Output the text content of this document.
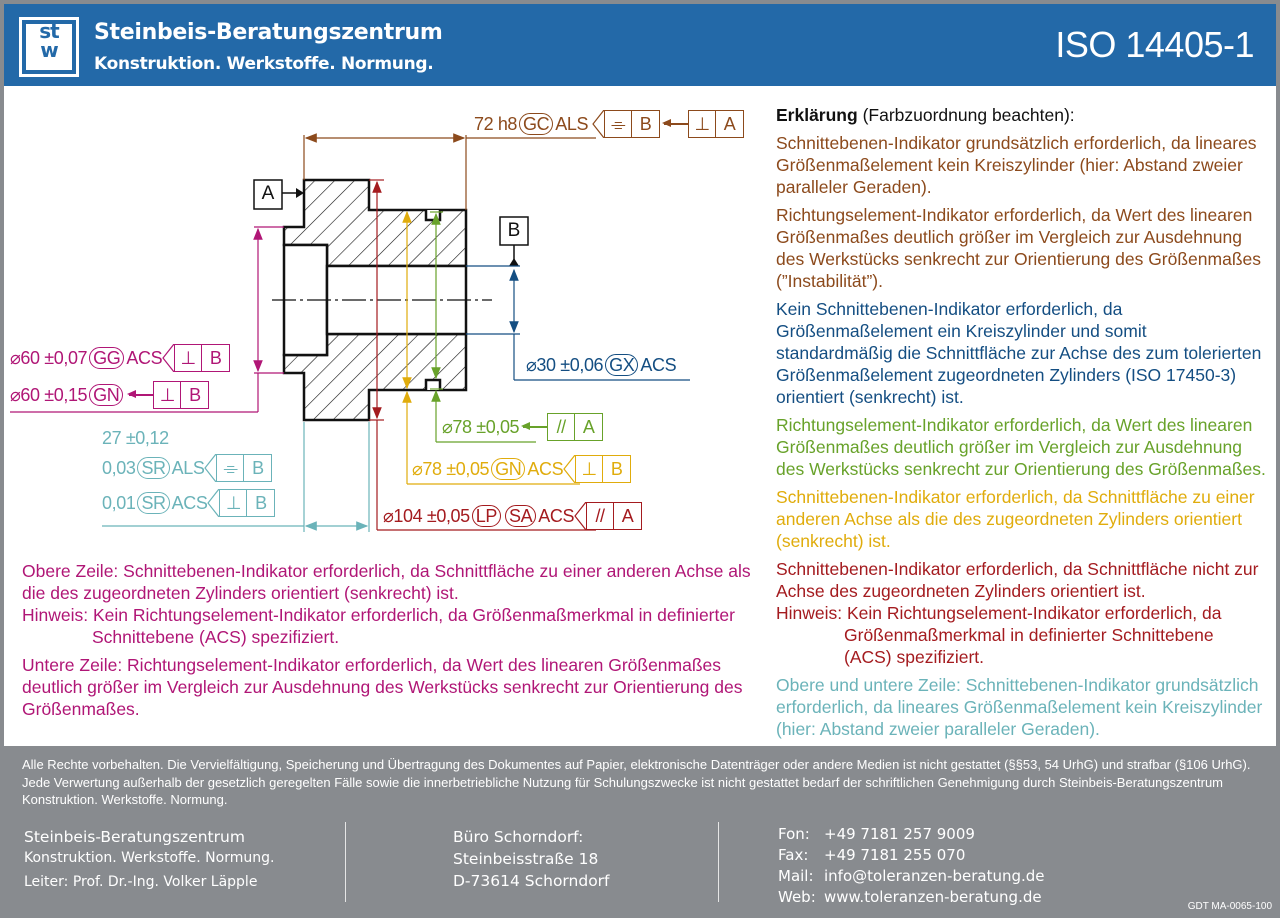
st
w
Steinbeis-Beratungszentrum
Konstruktion. Werkstoffe. Normung.	ISO 14405-1
A
B
72 h8 GC ALS	⌯ B	⊥ A
⌀60 ±0,07 GG ACS	⊥ B
⌀60 ±0,15 GN	⊥ B
⌀30 ±0,06 GX ACS
⌀78 ±0,05	// A
⌀78 ±0,05 GN ACS	⊥ B
⌀104 ±0,05 LP SA ACS	// A
27 ±0,12
0,03 SR ALS	⌯ B
0,01 SR ACS	⊥ B

Erklärung (Farbzuordnung beachten):

Schnittebenen-Indikator grundsätzlich erforderlich, da lineares Größenmaßelement kein Kreiszylinder (hier: Abstand zweier paralleler Geraden).

Richtungselement-Indikator erforderlich, da Wert des linearen Größenmaßes deutlich größer im Vergleich zur Ausdehnung des Werkstücks senkrecht zur Orientierung des Größenmaßes (”Instabilität”).

Kein Schnittebenen-Indikator erforderlich, da Größenmaßelement ein Kreiszylinder und somit standardmäßig die Schnittfläche zur Achse des zum tolerierten Größenmaßelement zugeordneten Zylinders (ISO 17450-3) orientiert (senkrecht) ist.

Richtungselement-Indikator erforderlich, da Wert des linearen Größenmaßes deutlich größer im Vergleich zur Ausdehnung des Werkstücks senkrecht zur Orientierung des Größenmaßes.

Schnittebenen-Indikator erforderlich, da Schnittfläche zu einer anderen Achse als die des zugeordneten Zylinders orientiert (senkrecht) ist.

Schnittebenen-Indikator erforderlich, da Schnittfläche nicht zur Achse des zugeordneten Zylinders orientiert ist.

Hinweis: Kein Richtungselement-Indikator erforderlich, da Größenmaßmerkmal in definierter Schnittebene (ACS) spezifiziert.

Obere und untere Zeile: Schnittebenen-Indikator grundsätzlich erforderlich, da lineares Größenmaßelement kein Kreiszylinder (hier: Abstand zweier paralleler Geraden).

Obere Zeile: Schnittebenen-Indikator erforderlich, da Schnittfläche zu einer anderen Achse als die des zugeordneten Zylinders orientiert (senkrecht) ist.

Hinweis: Kein Richtungselement-Indikator erforderlich, da Größenmaßmerkmal in definierter Schnittebene (ACS) spezifiziert.

Untere Zeile: Richtungselement-Indikator erforderlich, da Wert des linearen Größenmaßes deutlich größer im Vergleich zur Ausdehnung des Werkstücks senkrecht zur Orientierung des Größenmaßes.

Alle Rechte vorbehalten. Die Vervielfältigung, Speicherung und Übertragung des Dokumentes auf Papier, elektronische Datenträger oder andere Medien ist nicht gestattet (§§53, 54 UrhG) und strafbar (§106 UrhG). Jede Verwertung außerhalb der gesetzlich geregelten Fälle sowie die innerbetriebliche Nutzung für Schulungszwecke ist nicht gestattet bedarf der schriftlichen Genehmigung durch Steinbeis-Beratungszentrum Konstruktion. Werkstoffe. Normung.
Steinbeis-Beratungszentrum
Konstruktion. Werkstoffe. Normung.
Leiter: Prof. Dr.-Ing. Volker Läpple
Büro Schorndorf:
Steinbeisstraße 18
D-73614 Schorndorf
Fon: +49 7181 257 9009
Fax:	+49 7181 255 070
Mail: info@toleranzen-beratung.de
Web: www.toleranzen-beratung.de
GDT MA-0065-100
